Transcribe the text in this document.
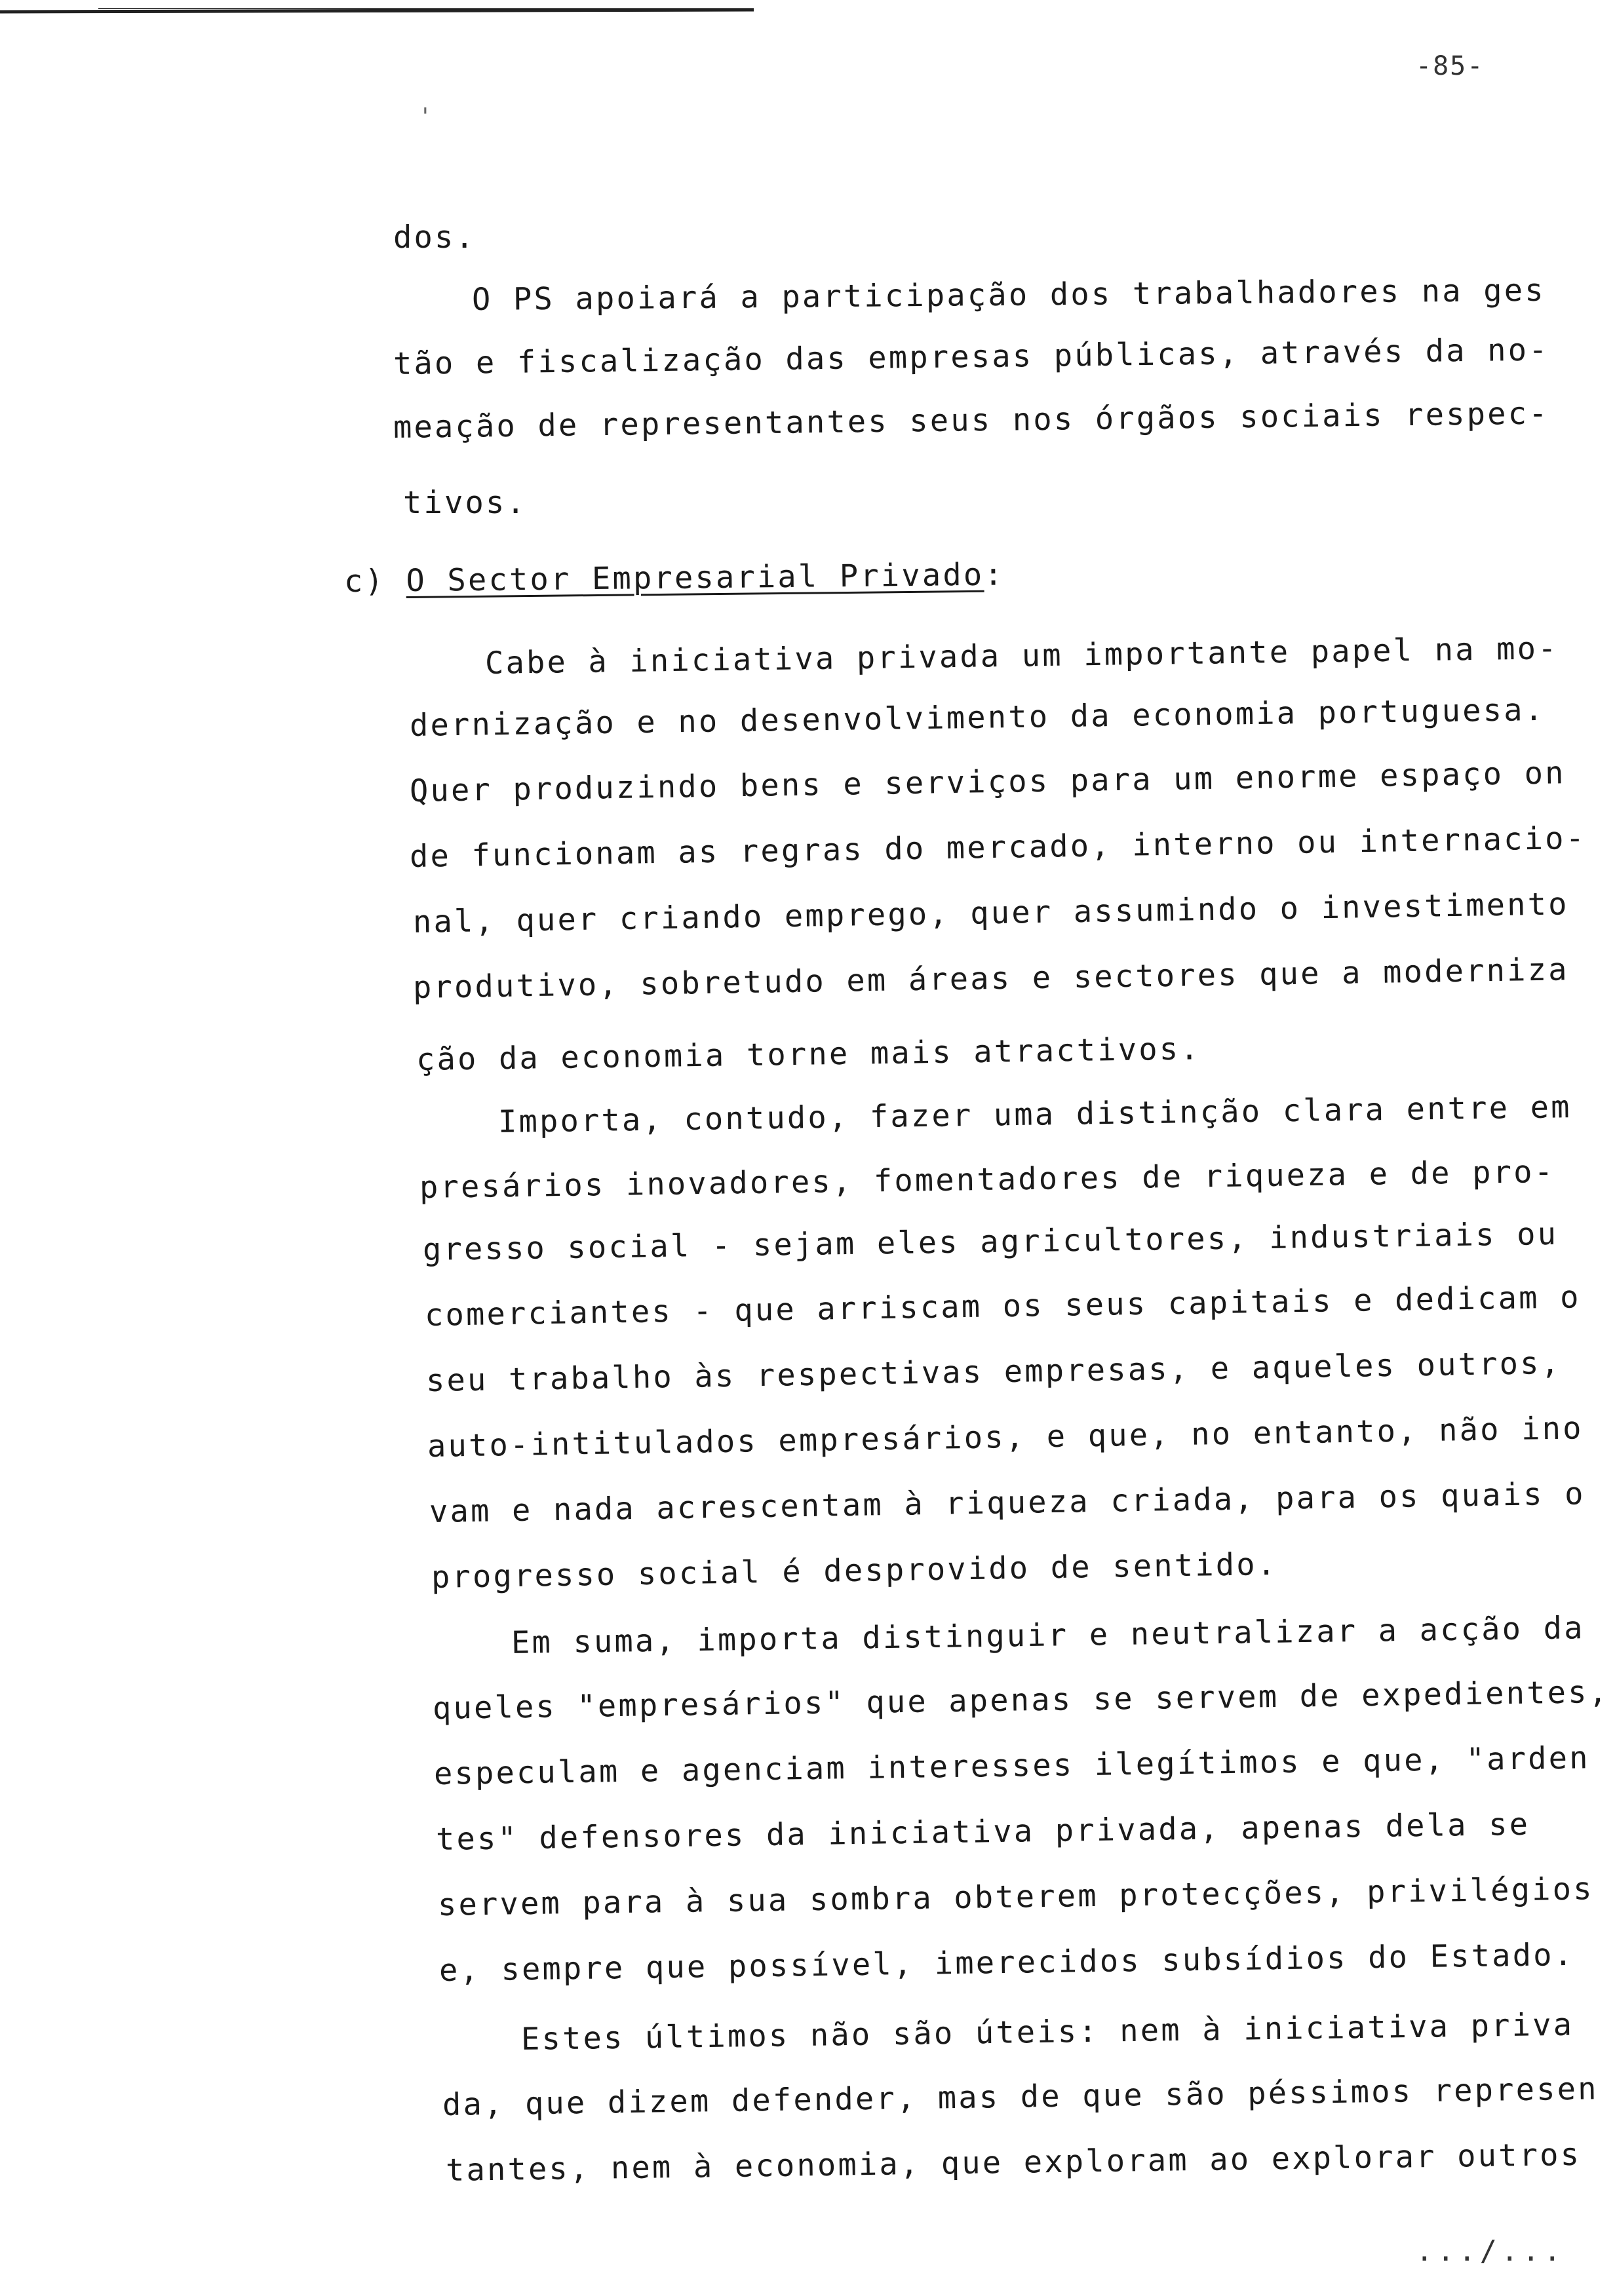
-85-
'
dos.
O PS apoiará a participação dos trabalhadores na ges
tão e fiscalização das empresas públicas, através da no-
meação de representantes seus nos órgãos sociais respec-
tivos.
c) O Sector Empresarial Privado:
Cabe à iniciativa privada um importante papel na mo-
dernização e no desenvolvimento da economia portuguesa.
Quer produzindo bens e serviços para um enorme espaço on
de funcionam as regras do mercado, interno ou internacio-
nal, quer criando emprego, quer assumindo o investimento
produtivo, sobretudo em áreas e sectores que a moderniza
ção da economia torne mais atractivos.
Importa, contudo, fazer uma distinção clara entre em
presários inovadores, fomentadores de riqueza e de pro-
gresso social - sejam eles agricultores, industriais ou
comerciantes - que arriscam os seus capitais e dedicam o
seu trabalho às respectivas empresas, e aqueles outros,
auto-intitulados empresários, e que, no entanto, não ino
vam e nada acrescentam à riqueza criada, para os quais o
progresso social é desprovido de sentido.
Em suma, importa distinguir e neutralizar a acção da
queles "empresários" que apenas se servem de expedientes,
especulam e agenciam interesses ilegítimos e que, "arden
tes" defensores da iniciativa privada, apenas dela se
servem para à sua sombra obterem protecções, privilégios
e, sempre que possível, imerecidos subsídios do Estado.
Estes últimos não são úteis: nem à iniciativa priva
da, que dizem defender, mas de que são péssimos represen
tantes, nem à economia, que exploram ao explorar outros
.../...
